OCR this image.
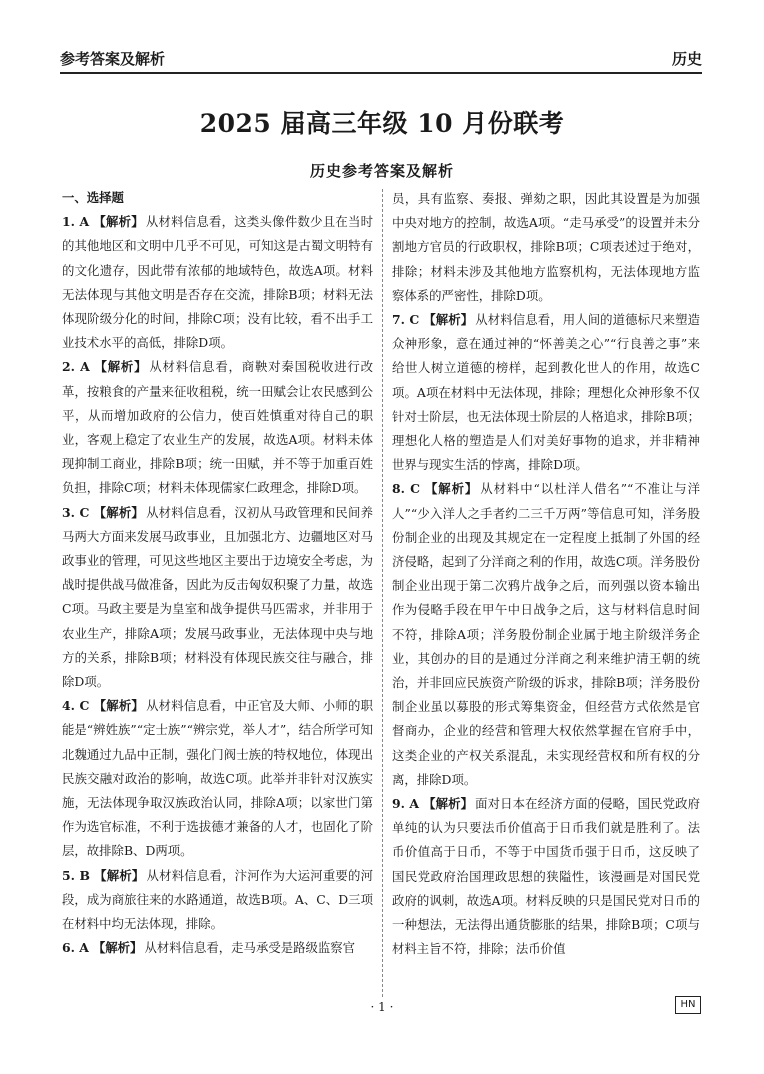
参考答案及解析	历史
2025 届高三年级 10 月份联考
历史参考答案及解析
一、选择题
1. A 【解析】 从材料信息看，这类头像件数少且在当时的其他地区和文明中几乎不可见，可知这是古蜀文明特有的文化遗存，因此带有浓郁的地域特色，故选A项。材料无法体现与其他文明是否存在交流，排除B项；材料无法体现阶级分化的时间，排除C项；没有比较，看不出手工业技术水平的高低，排除D项。
2. A 【解析】 从材料信息看，商鞅对秦国税收进行改革，按粮食的产量来征收租税，统一田赋会让农民感到公平，从而增加政府的公信力，使百姓慎重对待自己的职业，客观上稳定了农业生产的发展，故选A项。材料未体现抑制工商业，排除B项；统一田赋，并不等于加重百姓负担，排除C项；材料未体现儒家仁政理念，排除D项。
3. C 【解析】 从材料信息看，汉初从马政管理和民间养马两大方面来发展马政事业，且加强北方、边疆地区对马政事业的管理，可见这些地区主要出于边境安全考虑，为战时提供战马做准备，因此为反击匈奴积聚了力量，故选C项。马政主要是为皇室和战争提供马匹需求，并非用于农业生产，排除A项；发展马政事业，无法体现中央与地方的关系，排除B项；材料没有体现民族交往与融合，排除D项。
4. C 【解析】 从材料信息看，中正官及大师、小师的职能是“辨姓族”“定士族”“辨宗党，举人才”，结合所学可知北魏通过九品中正制，强化门阀士族的特权地位，体现出民族交融对政治的影响，故选C项。此举并非针对汉族实施，无法体现争取汉族政治认同，排除A项；以家世门第作为选官标准，不利于选拔德才兼备的人才，也固化了阶层，故排除B、D两项。
5. B 【解析】 从材料信息看，汴河作为大运河重要的河段，成为商旅往来的水路通道，故选B项。A、C、D三项在材料中均无法体现，排除。
6. A 【解析】 从材料信息看，走马承受是路级监察官
员，具有监察、奏报、弹劾之职，因此其设置是为加强中央对地方的控制，故选A项。“走马承受”的设置并未分割地方官员的行政职权，排除B项；C项表述过于绝对，排除；材料未涉及其他地方监察机构，无法体现地方监察体系的严密性，排除D项。
7. C 【解析】 从材料信息看，用人间的道德标尺来塑造众神形象，意在通过神的“怀善美之心”“行良善之事”来给世人树立道德的榜样，起到教化世人的作用，故选C项。A项在材料中无法体现，排除；理想化众神形象不仅针对士阶层，也无法体现士阶层的人格追求，排除B项；理想化人格的塑造是人们对美好事物的追求，并非精神世界与现实生活的悖离，排除D项。
8. C 【解析】 从材料中“以杜洋人借名”“不准让与洋人”“少入洋人之手者约二三千万两”等信息可知，洋务股份制企业的出现及其规定在一定程度上抵制了外国的经济侵略，起到了分洋商之利的作用，故选C项。洋务股份制企业出现于第二次鸦片战争之后，而列强以资本输出作为侵略手段在甲午中日战争之后，这与材料信息时间不符，排除A项；洋务股份制企业属于地主阶级洋务企业，其创办的目的是通过分洋商之利来维护清王朝的统治，并非回应民族资产阶级的诉求，排除B项；洋务股份制企业虽以募股的形式筹集资金，但经营方式依然是官督商办，企业的经营和管理大权依然掌握在官府手中，这类企业的产权关系混乱，未实现经营权和所有权的分离，排除D项。
9. A 【解析】 面对日本在经济方面的侵略，国民党政府单纯的认为只要法币价值高于日币我们就是胜利了。法币价值高于日币，不等于中国货币强于日币，这反映了国民党政府治国理政思想的狭隘性，该漫画是对国民党政府的讽刺，故选A项。材料反映的只是国民党对日币的一种想法，无法得出通货膨胀的结果，排除B项；C项与材料主旨不符，排除；法币价值
· 1 ·	HN
